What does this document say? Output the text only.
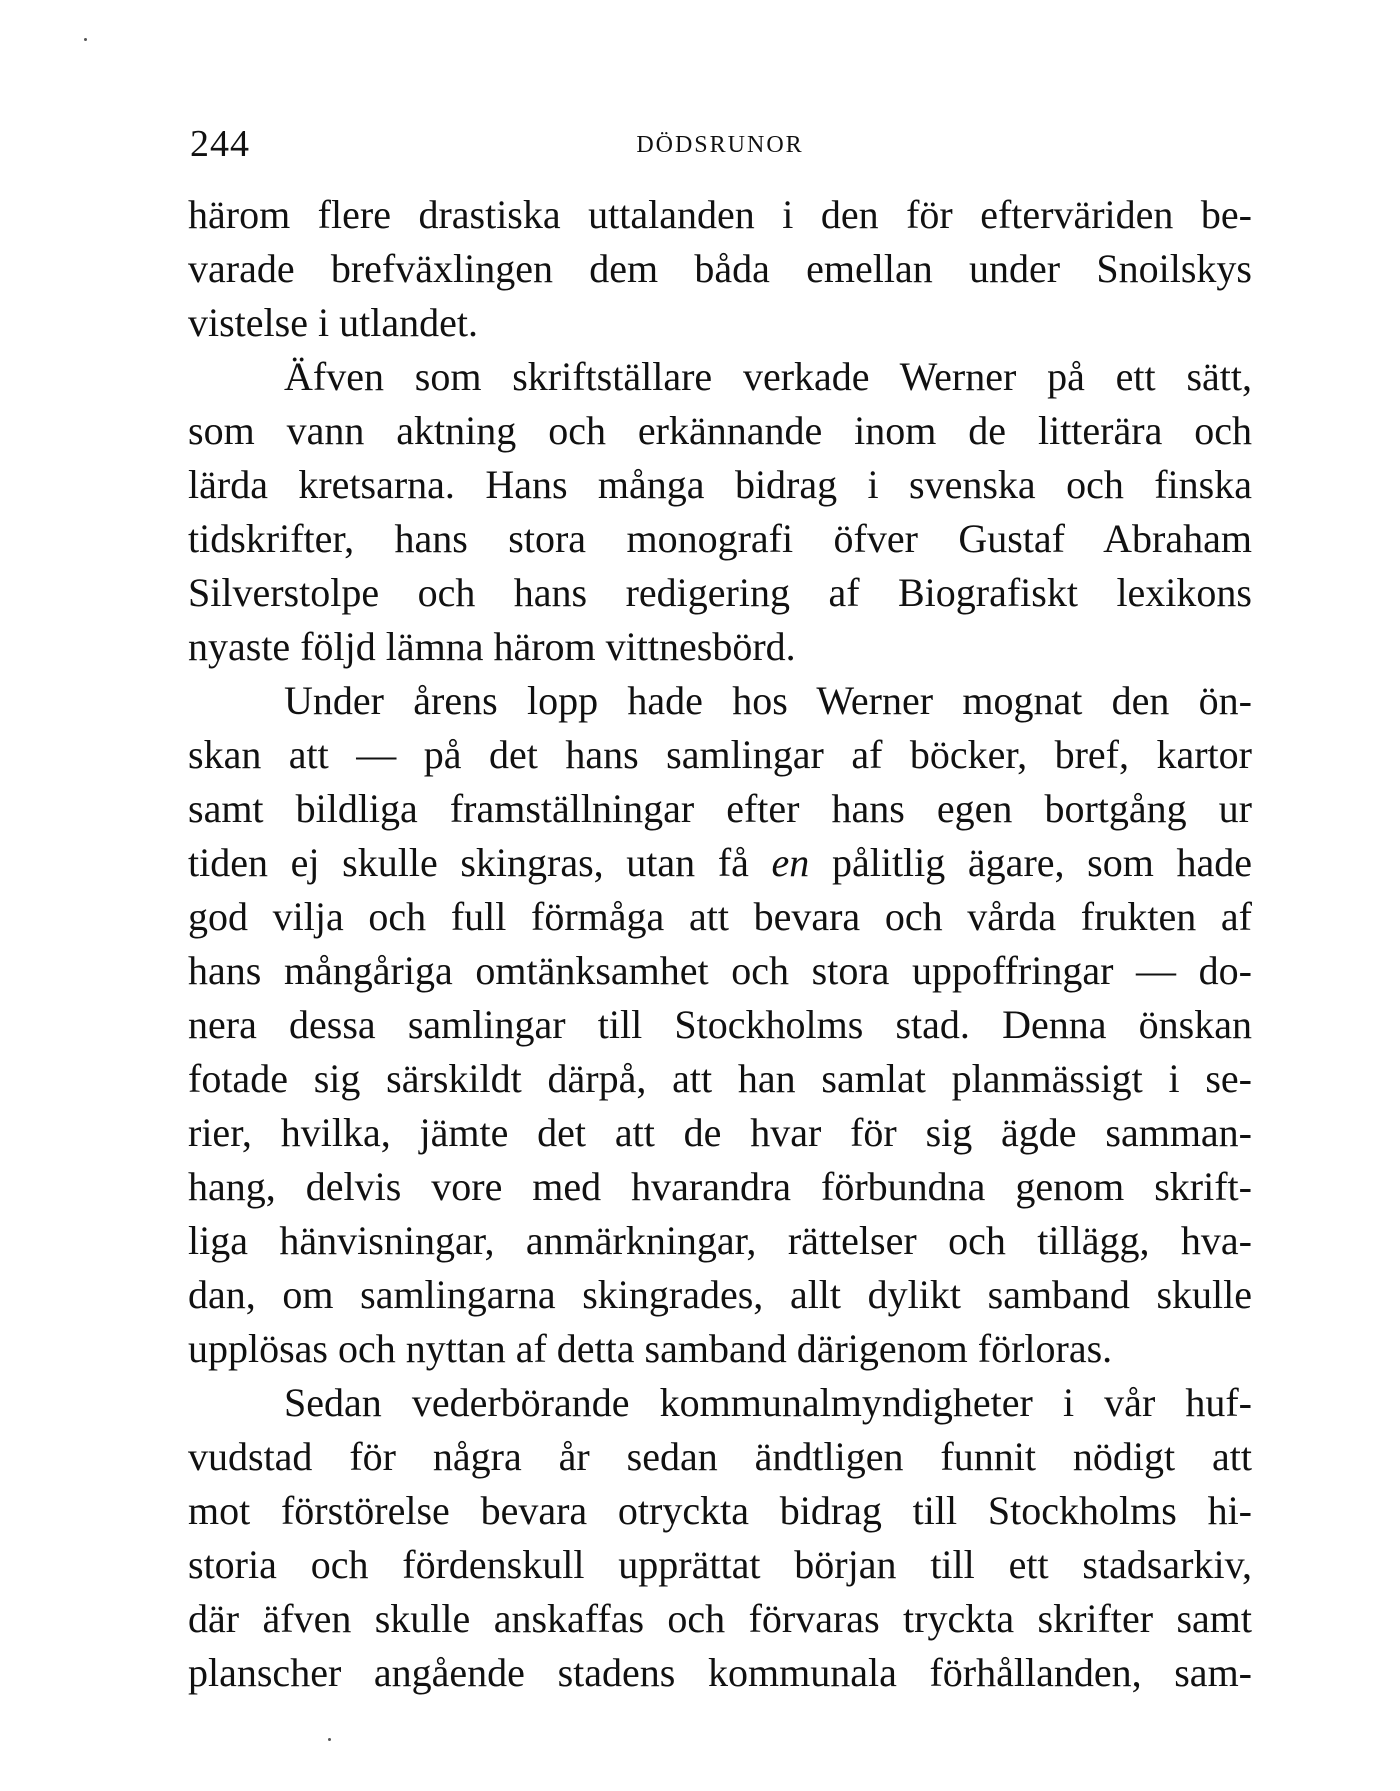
244	DÖDSRUNOR
härom flere drastiska uttalanden i den för efterväriden be-
varade brefväxlingen dem båda emellan under Snoilskys
vistelse i utlandet.
Äfven som skriftställare verkade Werner på ett sätt,
som vann aktning och erkännande inom de litterära och
lärda kretsarna. Hans många bidrag i svenska och finska
tidskrifter, hans stora monografi öfver Gustaf Abraham
Silverstolpe och hans redigering af Biografiskt lexikons
nyaste följd lämna härom vittnesbörd.
Under årens lopp hade hos Werner mognat den ön-
skan att — på det hans samlingar af böcker, bref, kartor
samt bildliga framställningar efter hans egen bortgång ur
tiden ej skulle skingras, utan få en pålitlig ägare, som hade
god vilja och full förmåga att bevara och vårda frukten af
hans mångåriga omtänksamhet och stora uppoffringar — do-
nera dessa samlingar till Stockholms stad. Denna önskan
fotade sig särskildt därpå, att han samlat planmässigt i se-
rier, hvilka, jämte det att de hvar för sig ägde samman-
hang, delvis vore med hvarandra förbundna genom skrift-
liga hänvisningar, anmärkningar, rättelser och tillägg, hva-
dan, om samlingarna skingrades, allt dylikt samband skulle
upplösas och nyttan af detta samband därigenom förloras.
Sedan vederbörande kommunalmyndigheter i vår huf-
vudstad för några år sedan ändtligen funnit nödigt att
mot förstörelse bevara otryckta bidrag till Stockholms hi-
storia och fördenskull upprättat början till ett stadsarkiv,
där äfven skulle anskaffas och förvaras tryckta skrifter samt
planscher angående stadens kommunala förhållanden, sam-
